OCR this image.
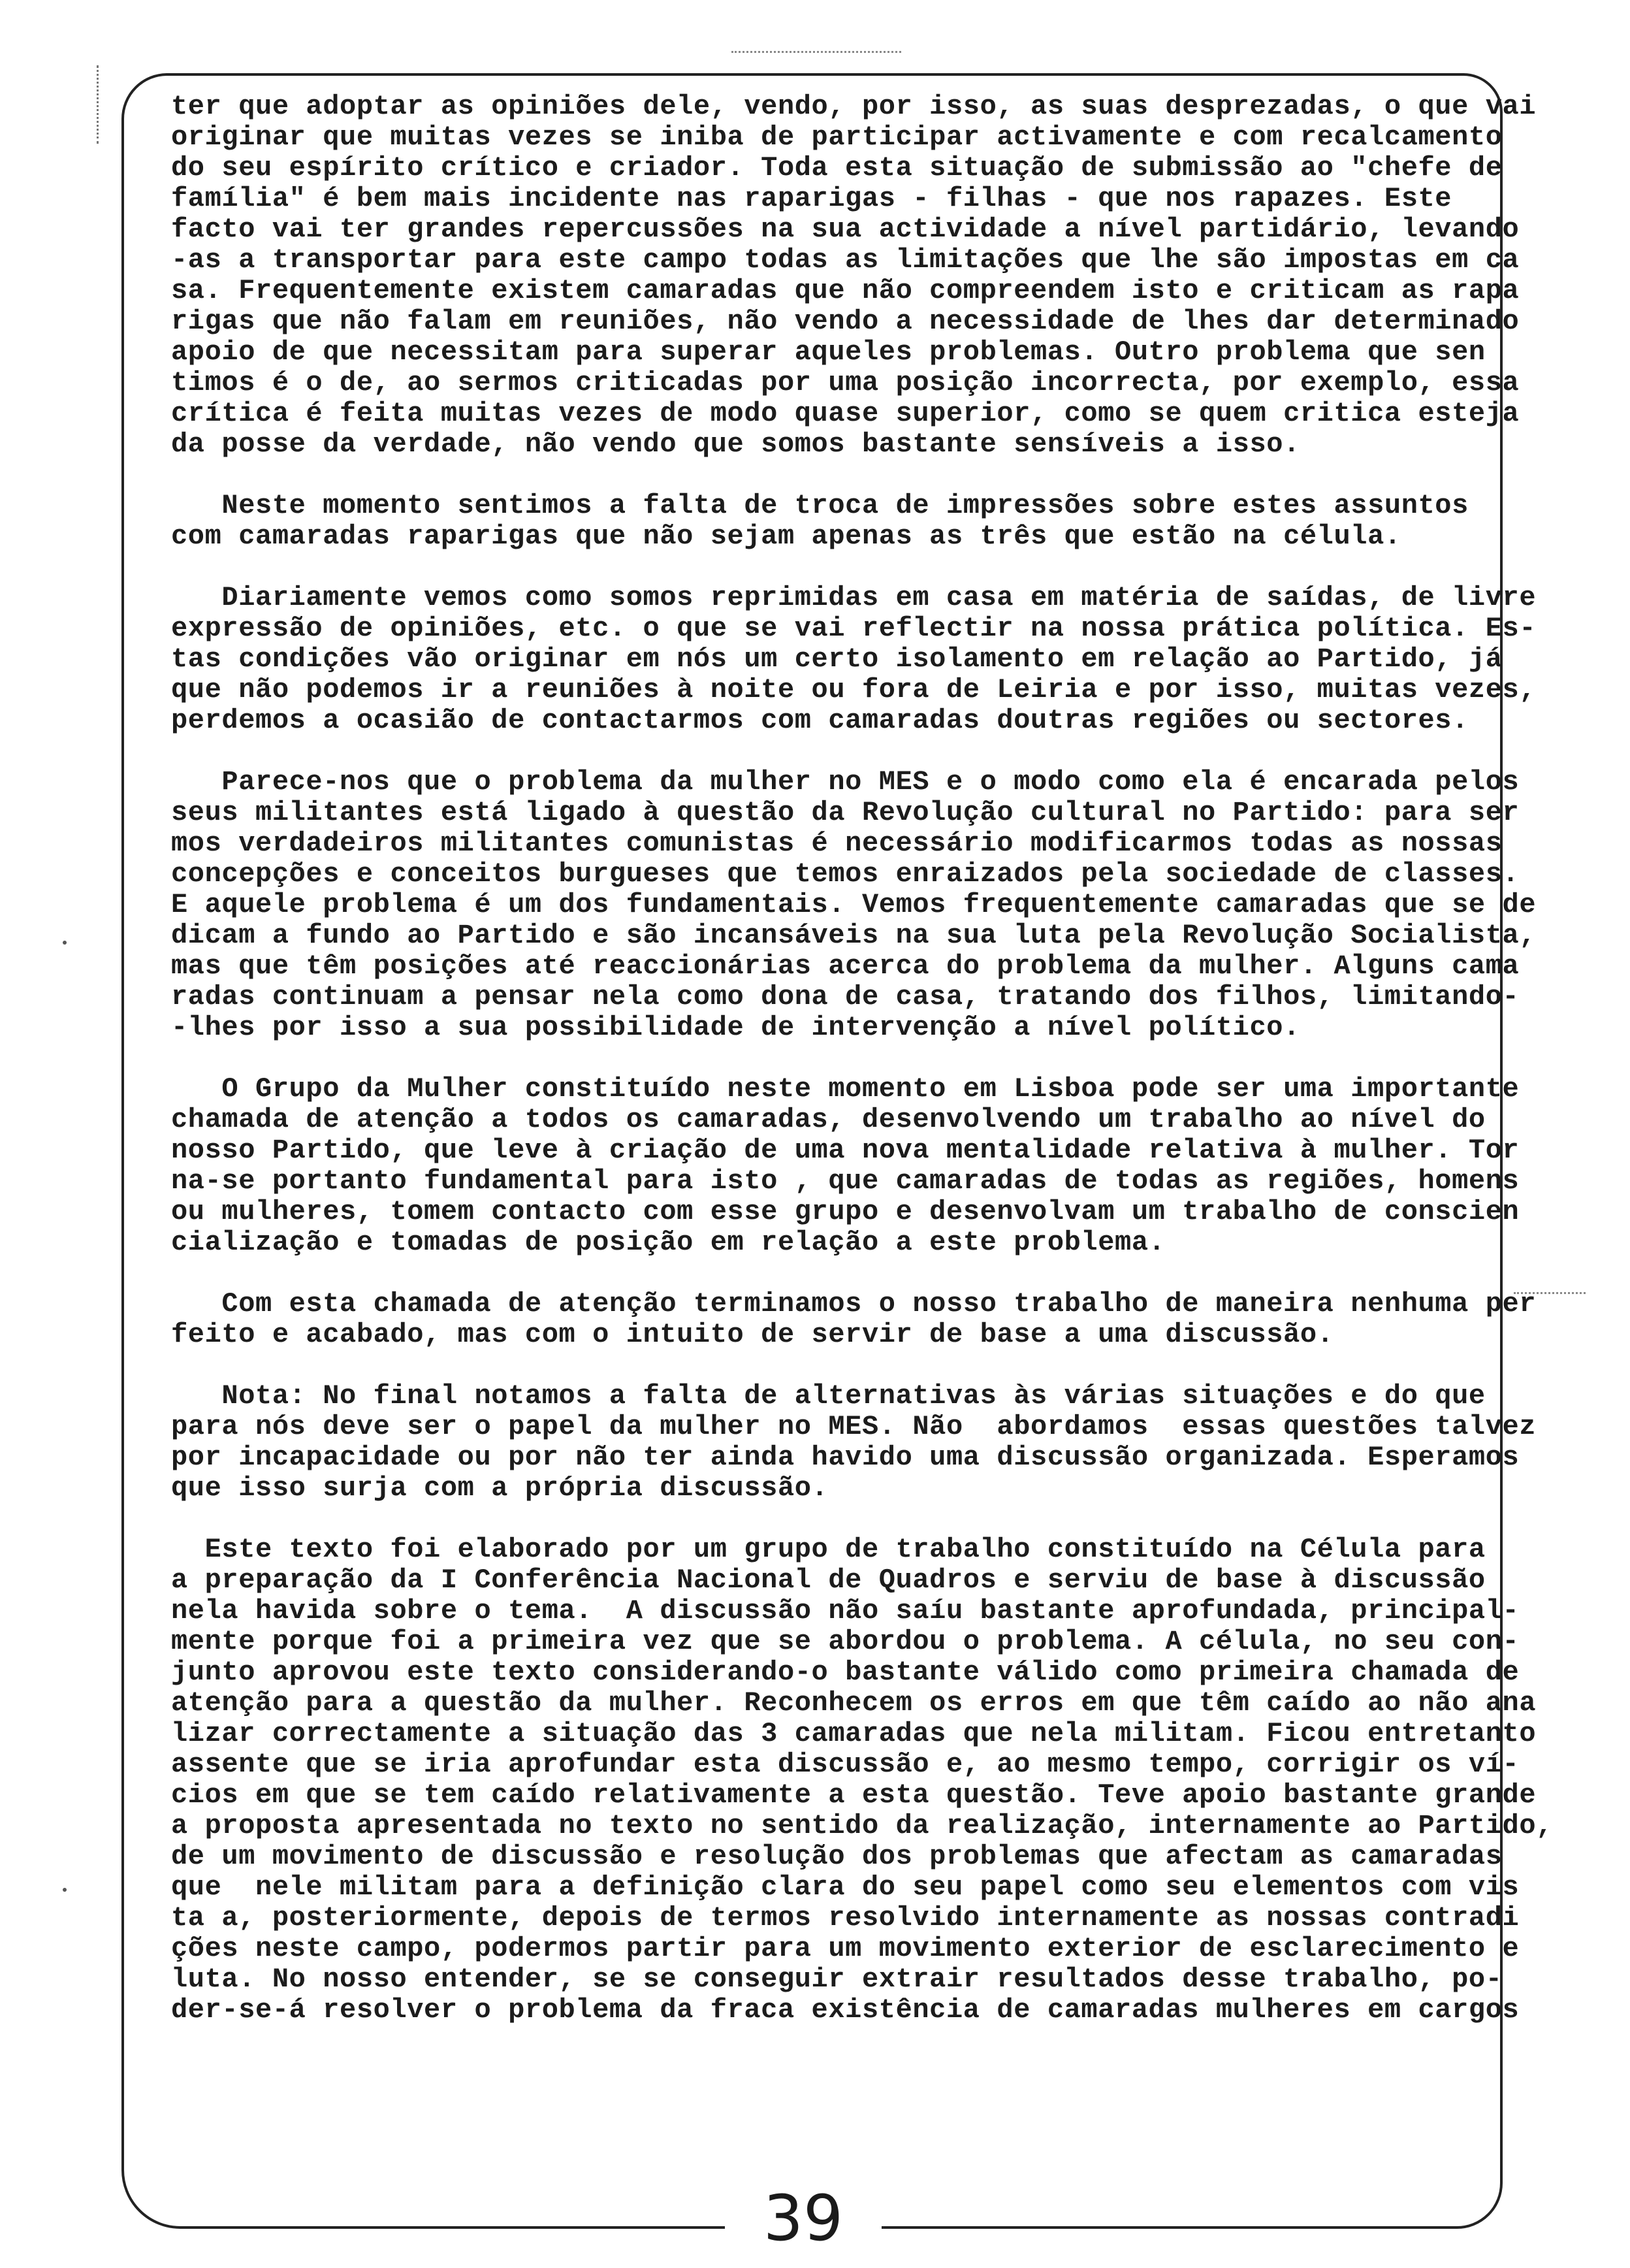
ter que adoptar as opiniões dele, vendo, por isso, as suas desprezadas, o que vai
originar que muitas vezes se iniba de participar activamente e com recalcamento
do seu espírito crítico e criador. Toda esta situação de submissão ao "chefe de
família" é bem mais incidente nas raparigas - filhas - que nos rapazes. Este
facto vai ter grandes repercussões na sua actividade a nível partidário, levando
-as a transportar para este campo todas as limitações que lhe são impostas em ca
sa. Frequentemente existem camaradas que não compreendem isto e criticam as rapa
rigas que não falam em reuniões, não vendo a necessidade de lhes dar determinado
apoio de que necessitam para superar aqueles problemas. Outro problema que sen
timos é o de, ao sermos criticadas por uma posição incorrecta, por exemplo, essa
crítica é feita muitas vezes de modo quase superior, como se quem critica esteja
da posse da verdade, não vendo que somos bastante sensíveis a isso.
Neste momento sentimos a falta de troca de impressões sobre estes assuntos
com camaradas raparigas que não sejam apenas as três que estão na célula.
Diariamente vemos como somos reprimidas em casa em matéria de saídas, de livre
expressão de opiniões, etc. o que se vai reflectir na nossa prática política. Es-
tas condições vão originar em nós um certo isolamento em relação ao Partido, já
que não podemos ir a reuniões à noite ou fora de Leiria e por isso, muitas vezes,
perdemos a ocasião de contactarmos com camaradas doutras regiões ou sectores.
Parece-nos que o problema da mulher no MES e o modo como ela é encarada pelos
seus militantes está ligado à questão da Revolução cultural no Partido: para ser
mos verdadeiros militantes comunistas é necessário modificarmos todas as nossas
concepções e conceitos burgueses que temos enraizados pela sociedade de classes.
E aquele problema é um dos fundamentais. Vemos frequentemente camaradas que se de
dicam a fundo ao Partido e são incansáveis na sua luta pela Revolução Socialista,
mas que têm posições até reaccionárias acerca do problema da mulher. Alguns cama
radas continuam a pensar nela como dona de casa, tratando dos filhos, limitando-
-lhes por isso a sua possibilidade de intervenção a nível político.
O Grupo da Mulher constituído neste momento em Lisboa pode ser uma importante
chamada de atenção a todos os camaradas, desenvolvendo um trabalho ao nível do
nosso Partido, que leve à criação de uma nova mentalidade relativa à mulher. Tor
na-se portanto fundamental para isto , que camaradas de todas as regiões, homens
ou mulheres, tomem contacto com esse grupo e desenvolvam um trabalho de conscien
cialização e tomadas de posição em relação a este problema.
Com esta chamada de atenção terminamos o nosso trabalho de maneira nenhuma per
feito e acabado, mas com o intuito de servir de base a uma discussão.
Nota: No final notamos a falta de alternativas às várias situações e do que
para nós deve ser o papel da mulher no MES. Não  abordamos  essas questões talvez
por incapacidade ou por não ter ainda havido uma discussão organizada. Esperamos
que isso surja com a própria discussão.
Este texto foi elaborado por um grupo de trabalho constituído na Célula para
a preparação da I Conferência Nacional de Quadros e serviu de base à discussão
nela havida sobre o tema.  A discussão não saíu bastante aprofundada, principal-
mente porque foi a primeira vez que se abordou o problema. A célula, no seu con-
junto aprovou este texto considerando-o bastante válido como primeira chamada de
atenção para a questão da mulher. Reconhecem os erros em que têm caído ao não ana
lizar correctamente a situação das 3 camaradas que nela militam. Ficou entretanto
assente que se iria aprofundar esta discussão e, ao mesmo tempo, corrigir os ví-
cios em que se tem caído relativamente a esta questão. Teve apoio bastante grande
a proposta apresentada no texto no sentido da realização, internamente ao Partido,
de um movimento de discussão e resolução dos problemas que afectam as camaradas
que  nele militam para a definição clara do seu papel como seu elementos com vis
ta a, posteriormente, depois de termos resolvido internamente as nossas contradi
ções neste campo, podermos partir para um movimento exterior de esclarecimento e
luta. No nosso entender, se se conseguir extrair resultados desse trabalho, po-
der-se-á resolver o problema da fraca existência de camaradas mulheres em cargos
39
